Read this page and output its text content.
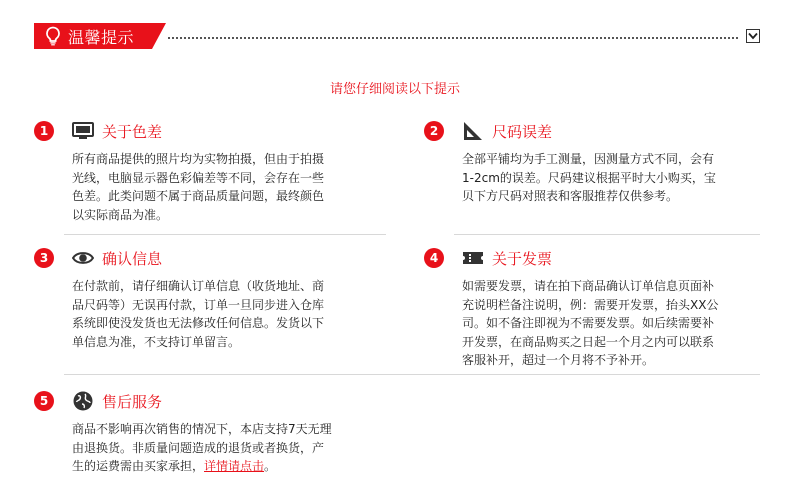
温馨提示
请您仔细阅读以下提示
1	关于色差
所有商品提供的照片均为实物拍摄，但由于拍摄
光线，电脑显示器色彩偏差等不同，会存在一些
色差。此类问题不属于商品质量问题，最终颜色
以实际商品为准。
2	尺码误差
全部平铺均为手工测量，因测量方式不同，会有
1-2cm的误差。尺码建议根据平时大小购买，宝
贝下方尺码对照表和客服推荐仅供参考。
3	确认信息
在付款前，请仔细确认订单信息（收货地址、商
品尺码等）无误再付款，订单一旦同步进入仓库
系统即使没发货也无法修改任何信息。发货以下
单信息为准，不支持订单留言。
4	关于发票
如需要发票，请在拍下商品确认订单信息页面补
充说明栏备注说明，例：需要开发票，抬头XX公
司。如不备注即视为不需要发票。如后续需要补
开发票，在商品购买之日起一个月之内可以联系
客服补开，超过一个月将不予补开。
5	售后服务
商品不影响再次销售的情况下，本店支持7天无理
由退换货。非质量问题造成的退货或者换货，产
生的运费需由买家承担，详情请点击。
